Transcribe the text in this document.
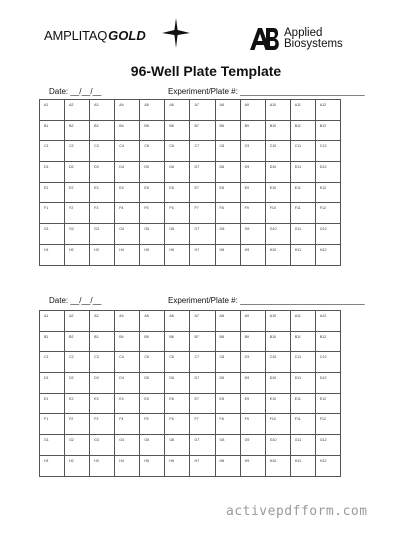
AMPLITAQ GOLD	Applied
Biosystems
96-Well Plate Template
Date: __/__/__	Experiment/Plate #: ____________________________
A1	A2	A3	A4	A5	A6	A7	A8	A9	A10	A11	A12

B1	B2	B3	B4	B5	B6	B7	B8	B9	B10	B11	B12

C1	C2	C3	C4	C5	C6	C7	C8	C9	C10	C11	C12

D1	D2	D3	D4	D5	D6	D7	D8	D9	D10	D11	D12

E1	E2	E3	E4	E5	E6	E7	E8	E9	E10	E11	E12

F1	F2	F3	F4	F5	F6	F7	F8	F9	F10	F11	F12

G1	G2	G3	G4	G5	G6	G7	G8	G9	G10	G11	G12

H1	H2	H3	H4	H5	H6	H7	H8	H9	H10	H11	H12
Date: __/__/__	Experiment/Plate #: ____________________________
A1	A2	A3	A4	A5	A6	A7	A8	A9	A10	A11	A12

B1	B2	B3	B4	B5	B6	B7	B8	B9	B10	B11	B12

C1	C2	C3	C4	C5	C6	C7	C8	C9	C10	C11	C12

D1	D2	D3	D4	D5	D6	D7	D8	D9	D10	D11	D12

E1	E2	E3	E4	E5	E6	E7	E8	E9	E10	E11	E12

F1	F2	F3	F4	F5	F6	F7	F8	F9	F10	F11	F12

G1	G2	G3	G4	G5	G6	G7	G8	G9	G10	G11	G12

H1	H2	H3	H4	H5	H6	H7	H8	H9	H10	H11	H12
activepdfform.com
